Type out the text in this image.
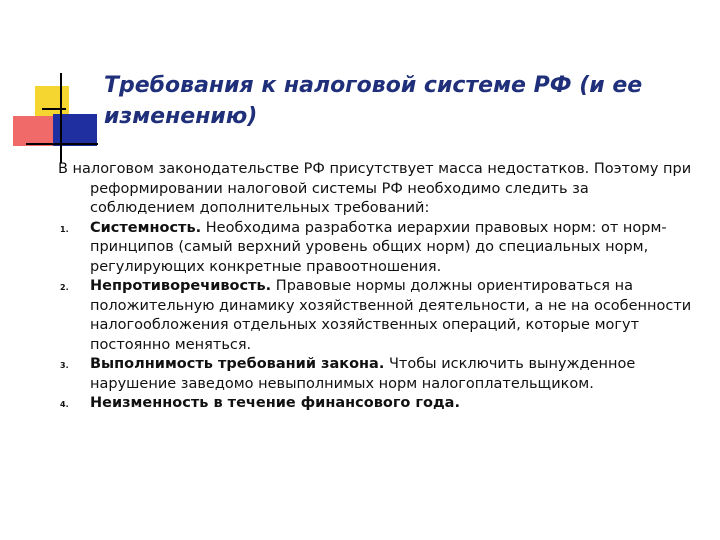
Требования к налоговой системе РФ (и ее изменению)

В налоговом законодательстве РФ присутствует масса недостатков. Поэтому при реформировании налоговой системы РФ необходимо следить за соблюдением дополнительных требований:

1. Системность. Необходима разработка иерархии правовых норм: от норм-принципов (самый верхний уровень общих норм) до специальных норм, регулирующих конкретные правоотношения.
2. Непротиворечивость. Правовые нормы должны ориентироваться на положительную динамику хозяйственной деятельности, а не на особенности налогообложения отдельных хозяйственных операций, которые могут постоянно меняться.
3. Выполнимость требований закона. Чтобы исключить вынужденное нарушение заведомо невыполнимых норм налогоплательщиком.
4. Неизменность в течение финансового года.
